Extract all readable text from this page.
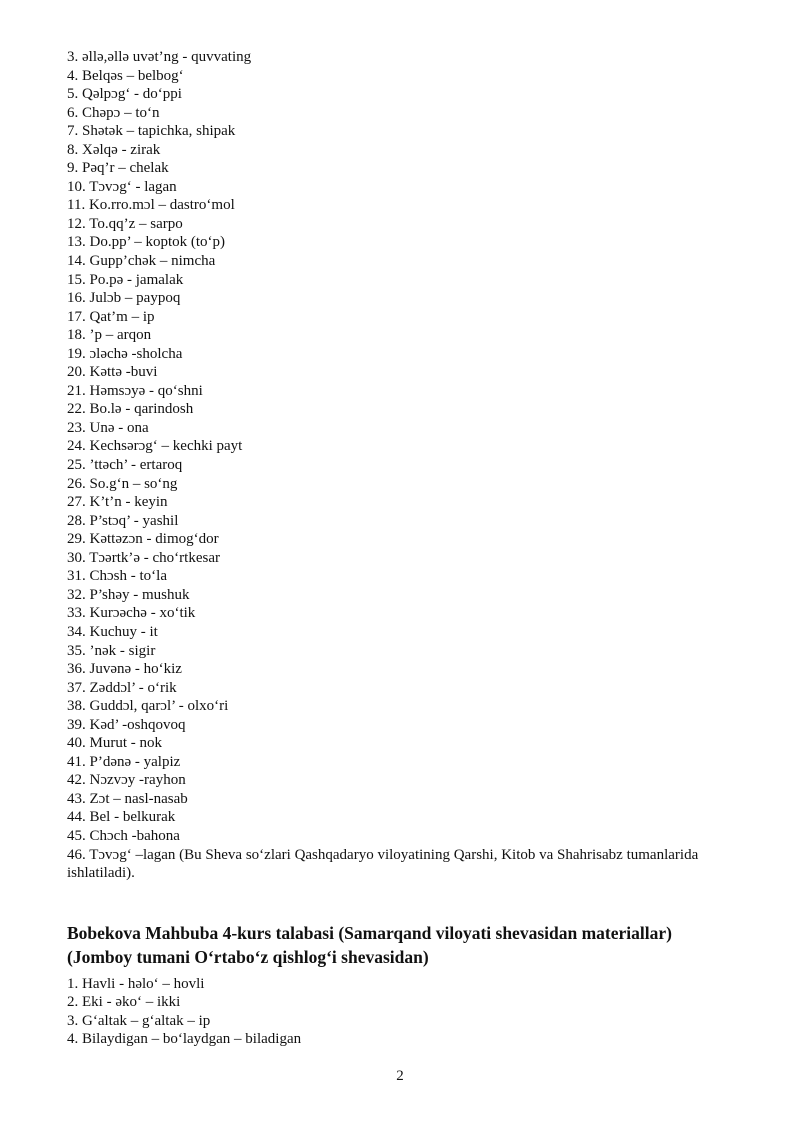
3. əllə,əllə uvət’ng - quvvating
4. Belqəs – belbog‘
5. Qəlpɔg‘ - do‘ppi
6. Chəpɔ – to‘n
7. Shətək – tapichka, shipak
8. Xəlqə - zirak
9. Pəq’r – chelak
10. Tɔvɔg‘ - lagan
11. Ko.rro.mɔl – dastro‘mol
12. To.qq’z – sarpo
13. Do.pp’ – koptok (to‘p)
14. Gupp’chək – nimcha
15. Po.pə - jamalak
16. Julɔb – paypoq
17. Qat’m – ip
18. ’p – arqon
19. ɔləchə -sholcha
20. Kəttə -buvi
21. Həmsɔyə - qo‘shni
22. Bo.lə - qarindosh
23. Unə - ona
24. Kechsərɔg‘ – kechki payt
25. ’ttəch’ - ertaroq
26. So.g‘n – so‘ng
27. K’t’n - keyin
28. P’stɔq’ - yashil
29. Kəttəzɔn - dimog‘dor
30. Tɔərtk’ə - cho‘rtkesar
31. Chɔsh - to‘la
32. P’shəy - mushuk
33. Kurɔəchə - xo‘tik
34. Kuchuy - it
35. ’nək - sigir
36. Juvənə - ho‘kiz
37. Zəddɔl’ - o‘rik
38. Guddɔl, qarɔl’ - olxo‘ri
39. Kəd’ -oshqovoq
40. Murut - nok
41. P’dənə - yalpiz
42. Nɔzvɔy -rayhon
43. Zɔt – nasl-nasab
44. Bel - belkurak
45. Chɔch -bahona
46. Tɔvɔg‘ –lagan (Bu Sheva so‘zlari Qashqadaryo viloyatining Qarshi, Kitob va Shahrisabz tumanlarida ishlatiladi).
Bobekova Mahbuba 4-kurs talabasi (Samarqand viloyati shevasidan materiallar)
(Jomboy tumani O‘rtabo‘z qishlog‘i shevasidan)
1. Havli - həlo‘ – hovli
2. Eki - əko‘ – ikki
3. G‘altak – g‘altak – ip
4. Bilaydigan – bo‘laydgan – biladigan
2
